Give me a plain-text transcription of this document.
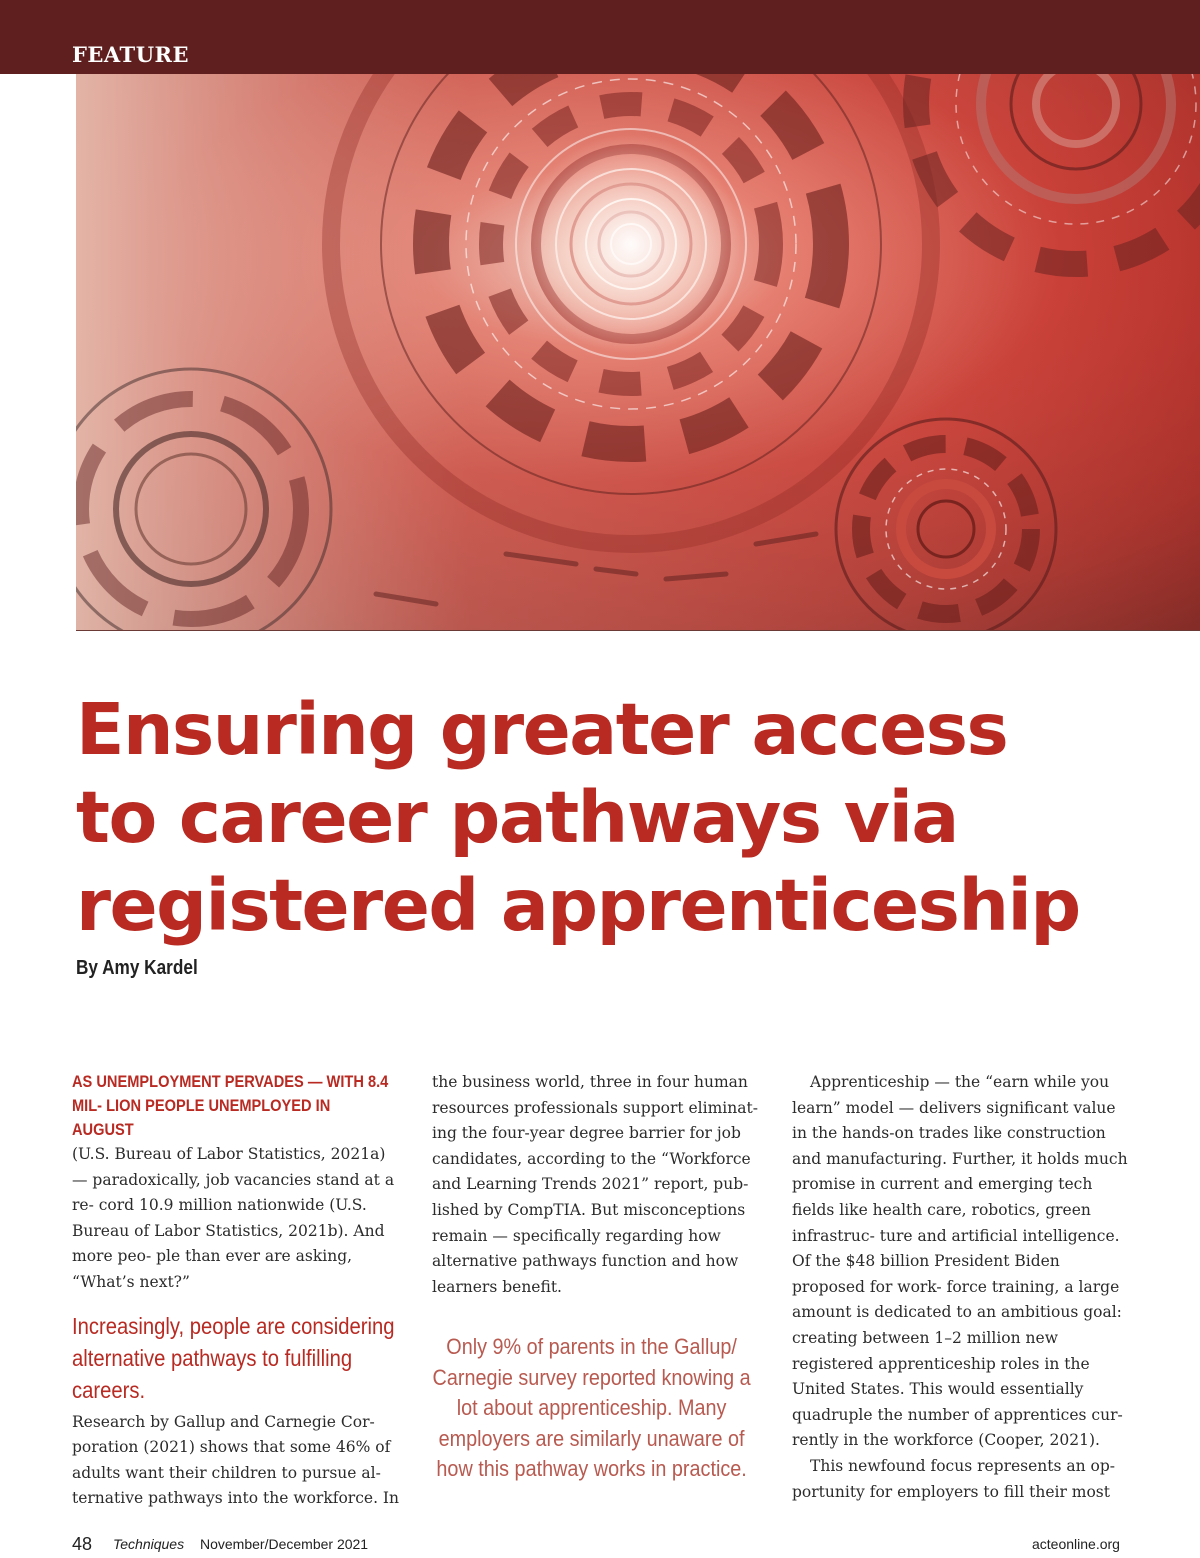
FEATURE
Ensuring greater access
to career pathways via
registered apprenticeship
By Amy Kardel

AS UNEMPLOYMENT PERVADES — WITH 8.4 MIL- LION PEOPLE UNEMPLOYED IN AUGUST

(U.S. Bureau of Labor Statistics, 2021a) — paradoxically, job vacancies stand at a re- cord 10.9 million nationwide (U.S. Bureau of Labor Statistics, 2021b). And more peo- ple than ever are asking, “What’s next?”

Increasingly, people are considering alternative pathways to fulfilling careers.

Research by Gallup and Carnegie Cor- poration (2021) shows that some 46% of adults want their children to pursue al- ternative pathways into the workforce. In

the business world, three in four human resources professionals support eliminat- ing the four-year degree barrier for job candidates, according to the “Workforce and Learning Trends 2021” report, pub- lished by CompTIA. But misconceptions remain — specifically regarding how alternative pathways function and how learners benefit.

Only 9% of parents in the Gallup/ Carnegie survey reported knowing a lot about apprenticeship. Many employers are similarly unaware of how this pathway works in practice.

Apprenticeship — the “earn while you learn” model — delivers significant value in the hands-on trades like construction and manufacturing. Further, it holds much promise in current and emerging tech fields like health care, robotics, green infrastruc- ture and artificial intelligence. Of the $48 billion President Biden proposed for work- force training, a large amount is dedicated to an ambitious goal: creating between 1–2 million new registered apprenticeship roles in the United States. This would essentially quadruple the number of apprentices cur- rently in the workforce (Cooper, 2021).

This newfound focus represents an op- portunity for employers to fill their most

48 Techniques November/December 2021	acteonline.org
